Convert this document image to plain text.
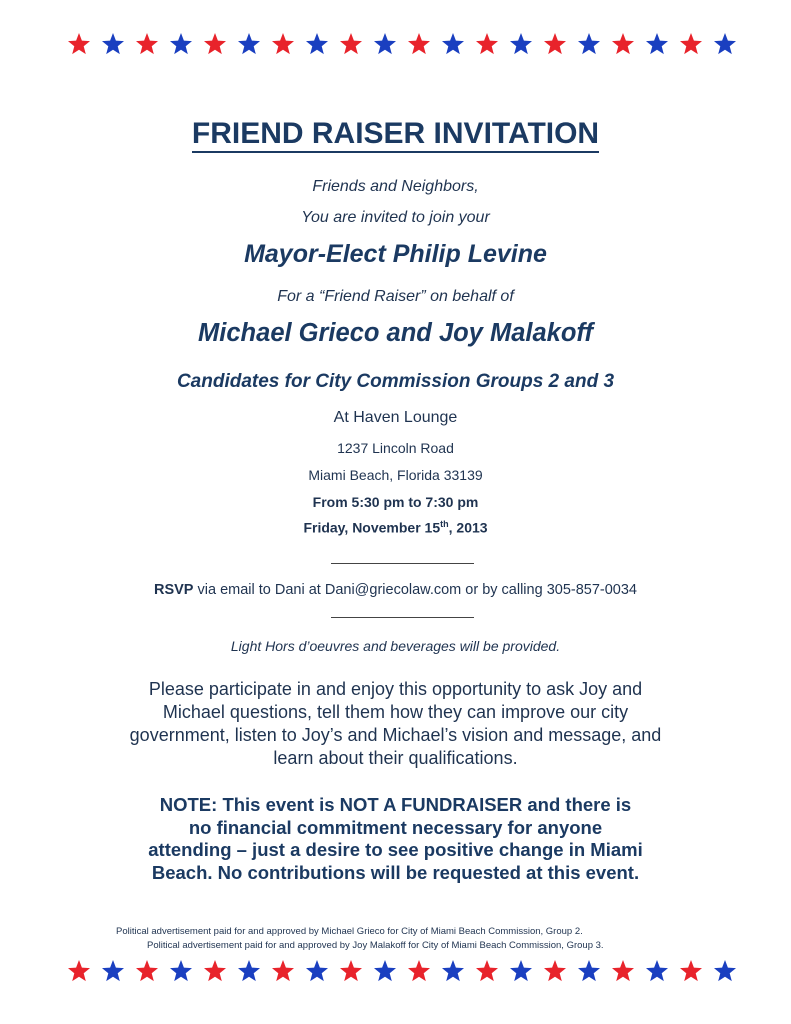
FRIEND RAISER INVITATION
Friends and Neighbors,
You are invited to join your
Mayor-Elect Philip Levine
For a “Friend Raiser” on behalf of
Michael Grieco and Joy Malakoff
Candidates for City Commission Groups 2 and 3
At Haven Lounge
1237 Lincoln Road
Miami Beach, Florida 33139
From 5:30 pm to 7:30 pm
Friday, November 15th, 2013
RSVP via email to Dani at Dani@griecolaw.com or by calling 305-857-0034
Light Hors d’oeuvres and beverages will be provided.
Please participate in and enjoy this opportunity to ask Joy and
Michael questions, tell them how they can improve our city
government, listen to Joy’s and Michael’s vision and message, and
learn about their qualifications.
NOTE: This event is NOT A FUNDRAISER and there is
no financial commitment necessary for anyone
attending – just a desire to see positive change in Miami
Beach. No contributions will be requested at this event.
Political advertisement paid for and approved by Michael Grieco for City of Miami Beach Commission, Group 2.
Political advertisement paid for and approved by Joy Malakoff for City of Miami Beach Commission, Group 3.
